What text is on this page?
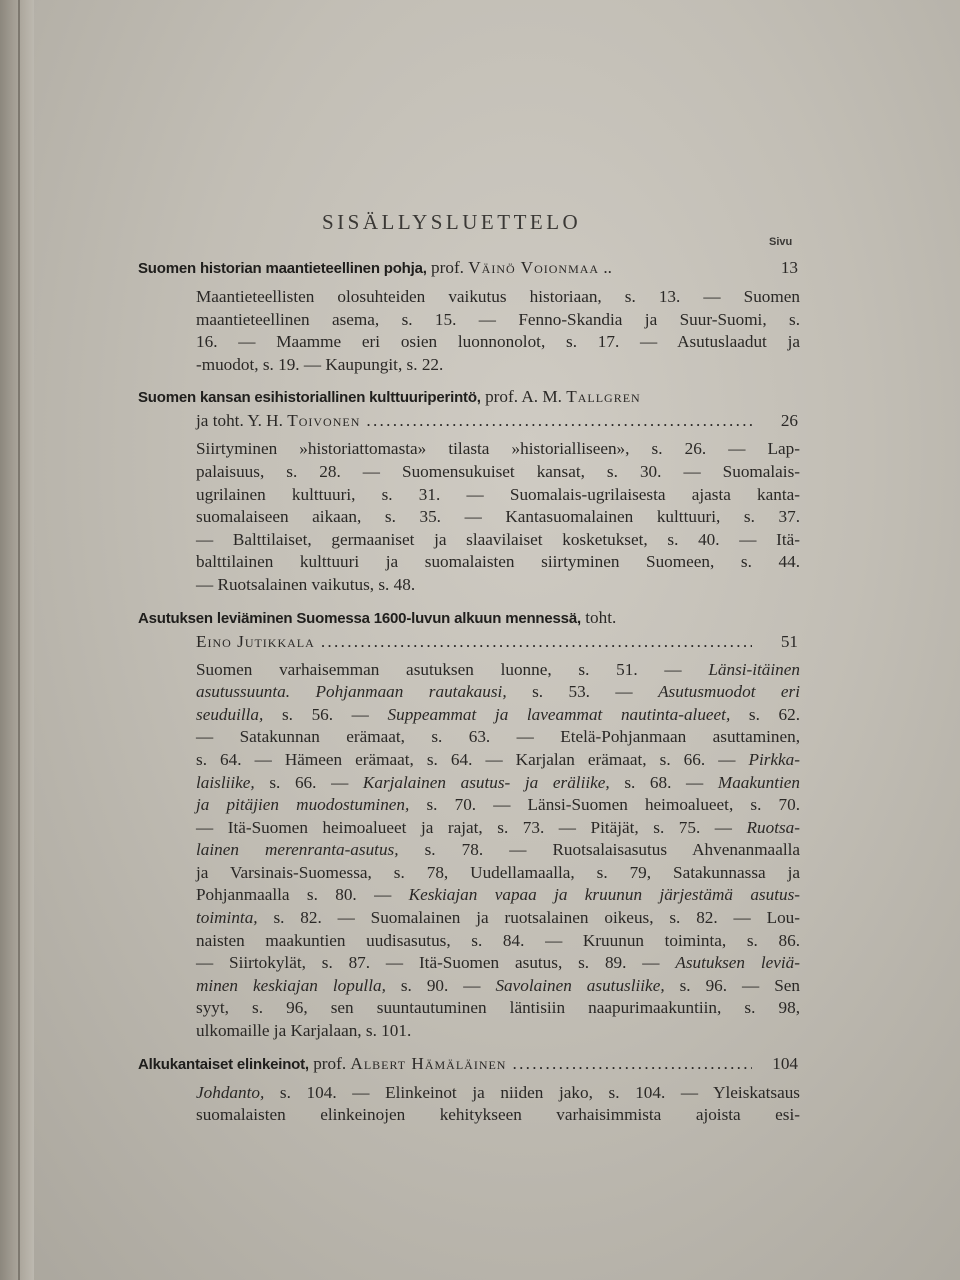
SISÄLLYSLUETTELO
Sivu
Suomen historian maantieteellinen pohja, prof. Väinö Voionmaa ..	13
Maantieteellisten olosuhteiden vaikutus historiaan, s. 13. — Suomen
maantieteellinen asema, s. 15. — Fenno-Skandia ja Suur-Suomi, s.
16. — Maamme eri osien luonnonolot, s. 17. — Asutuslaadut ja
-muodot, s. 19. — Kaupungit, s. 22.
Suomen kansan esihistoriallinen kulttuuriperintö, prof. A. M. Tallgren
ja toht. Y. H. Toivonen . . .	26
Siirtyminen »historiattomasta» tilasta »historialliseen», s. 26. — Lap-
palaisuus, s. 28. — Suomensukuiset kansat, s. 30. — Suomalais-
ugrilainen kulttuuri, s. 31. — Suomalais-ugrilaisesta ajasta kanta-
suomalaiseen aikaan, s. 35. — Kantasuomalainen kulttuuri, s. 37.
— Balttilaiset, germaaniset ja slaavilaiset kosketukset, s. 40. — Itä-
balttilainen kulttuuri ja suomalaisten siirtyminen Suomeen, s. 44.
— Ruotsalainen vaikutus, s. 48.
Asutuksen leviäminen Suomessa 1600-luvun alkuun mennessä, toht.
Eino Jutikkala . . .	51
Suomen varhaisemman asutuksen luonne, s. 51. — Länsi-itäinen
asutussuunta. Pohjanmaan rautakausi, s. 53. — Asutusmuodot eri
seuduilla, s. 56. — Suppeammat ja laveammat nautinta-alueet, s. 62.
— Satakunnan erämaat, s. 63. — Etelä-Pohjanmaan asuttaminen,
s. 64. — Hämeen erämaat, s. 64. — Karjalan erämaat, s. 66. — Pirkka-
laisliike, s. 66. — Karjalainen asutus- ja eräliike, s. 68. — Maakuntien
ja pitäjien muodostuminen, s. 70. — Länsi-Suomen heimoalueet, s. 70.
— Itä-Suomen heimoalueet ja rajat, s. 73. — Pitäjät, s. 75. — Ruotsa-
lainen merenranta-asutus, s. 78. — Ruotsalaisasutus Ahvenanmaalla
ja Varsinais-Suomessa, s. 78, Uudellamaalla, s. 79, Satakunnassa ja
Pohjanmaalla s. 80. — Keskiajan vapaa ja kruunun järjestämä asutus-
toiminta, s. 82. — Suomalainen ja ruotsalainen oikeus, s. 82. — Lou-
naisten maakuntien uudisasutus, s. 84. — Kruunun toiminta, s. 86.
— Siirtokylät, s. 87. — Itä-Suomen asutus, s. 89. — Asutuksen leviä-
minen keskiajan lopulla, s. 90. — Savolainen asutusliike, s. 96. — Sen
syyt, s. 96, sen suuntautuminen läntisiin naapurimaakuntiin, s. 98,
ulkomaille ja Karjalaan, s. 101.
Alkukantaiset elinkeinot, prof. Albert Hämäläinen . . .	104
Johdanto, s. 104. — Elinkeinot ja niiden jako, s. 104. — Yleiskatsaus
suomalaisten elinkeinojen kehitykseen varhaisimmista ajoista esi-
